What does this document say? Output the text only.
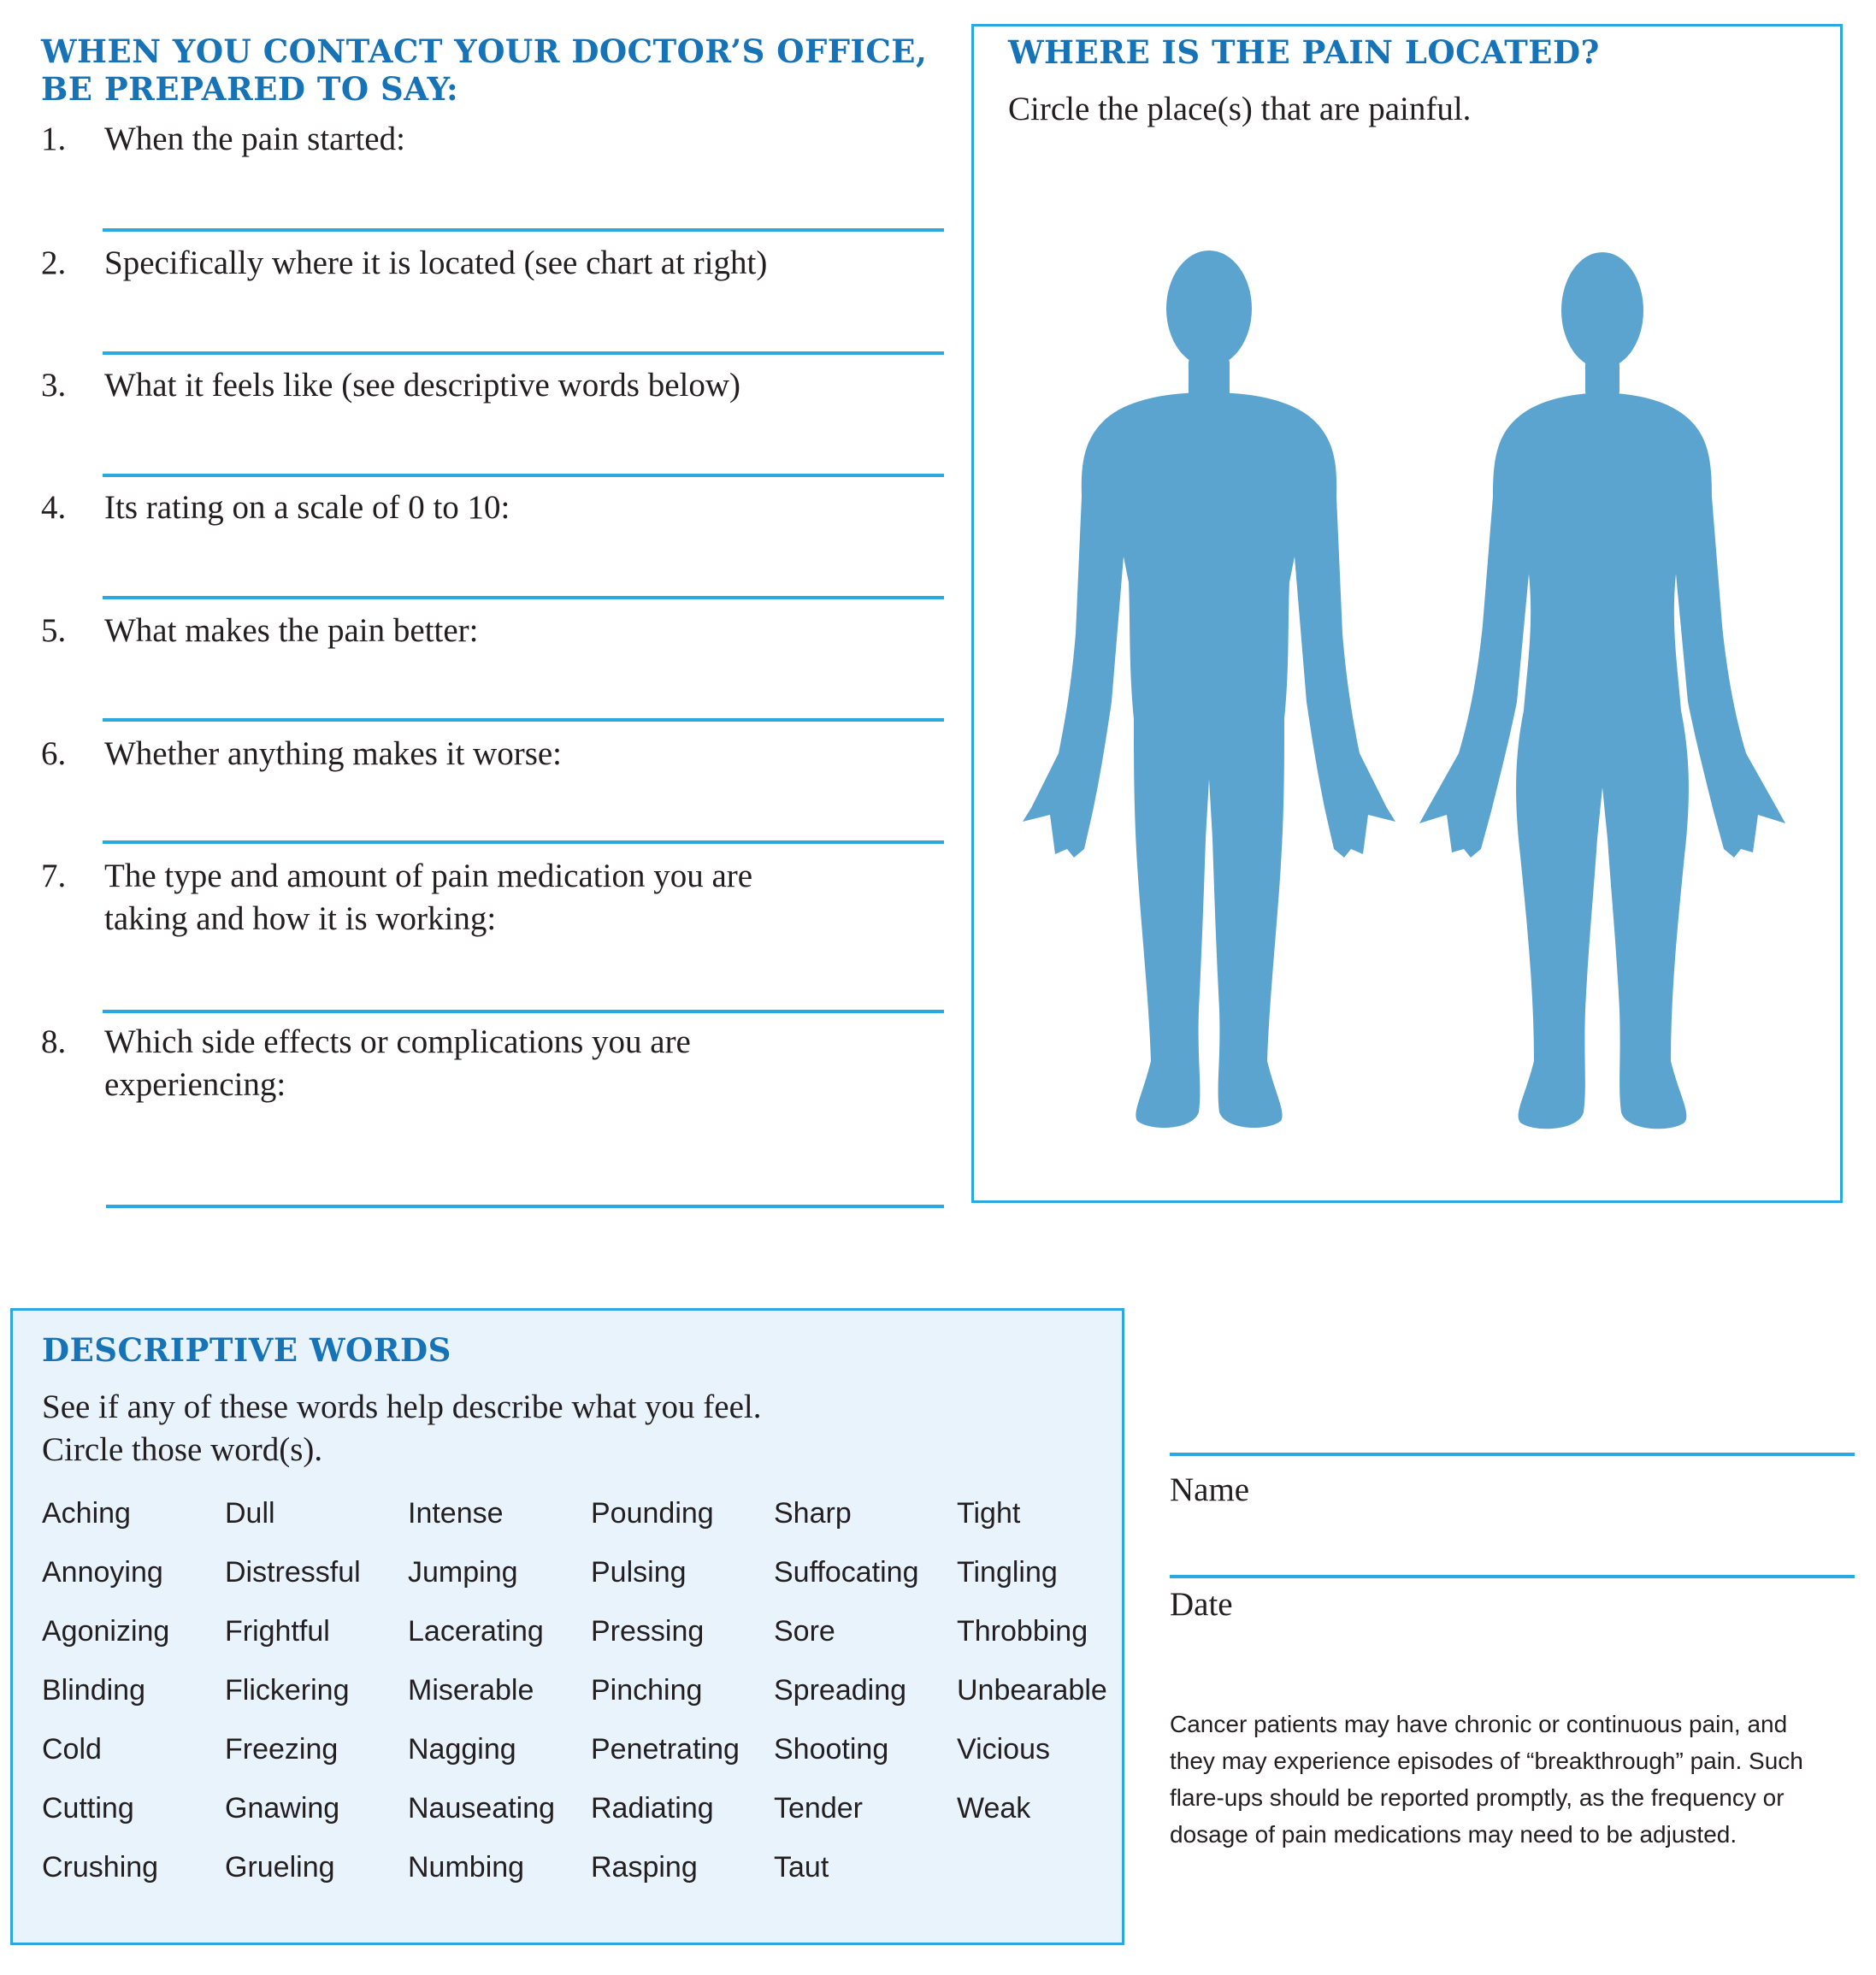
WHEN YOU CONTACT YOUR DOCTOR’S OFFICE,
BE PREPARED TO SAY:
1. When the pain started:
2. Specifically where it is located (see chart at right)
3. What it feels like (see descriptive words below)
4. Its rating on a scale of 0 to 10:
5. What makes the pain better:
6. Whether anything makes it worse:
7. The type and amount of pain medication you are
taking and how it is working:
8. Which side effects or complications you are
experiencing:
WHERE IS THE PAIN LOCATED?
Circle the place(s) that are painful.
DESCRIPTIVE WORDS
See if any of these words help describe what you feel.
Circle those word(s).
Aching	Dull	Intense	Pounding	Sharp	Tight
Annoying	Distressful	Jumping	Pulsing	Suffocating	Tingling
Agonizing	Frightful	Lacerating	Pressing	Sore	Throbbing
Blinding	Flickering	Miserable	Pinching	Spreading	Unbearable
Cold	Freezing	Nagging	Penetrating	Shooting	Vicious
Cutting	Gnawing	Nauseating	Radiating	Tender	Weak
Crushing	Grueling	Numbing	Rasping	Taut
Name
Date
Cancer patients may have chronic or continuous pain, and
they may experience episodes of “breakthrough” pain. Such
flare-ups should be reported promptly, as the frequency or
dosage of pain medications may need to be adjusted.
